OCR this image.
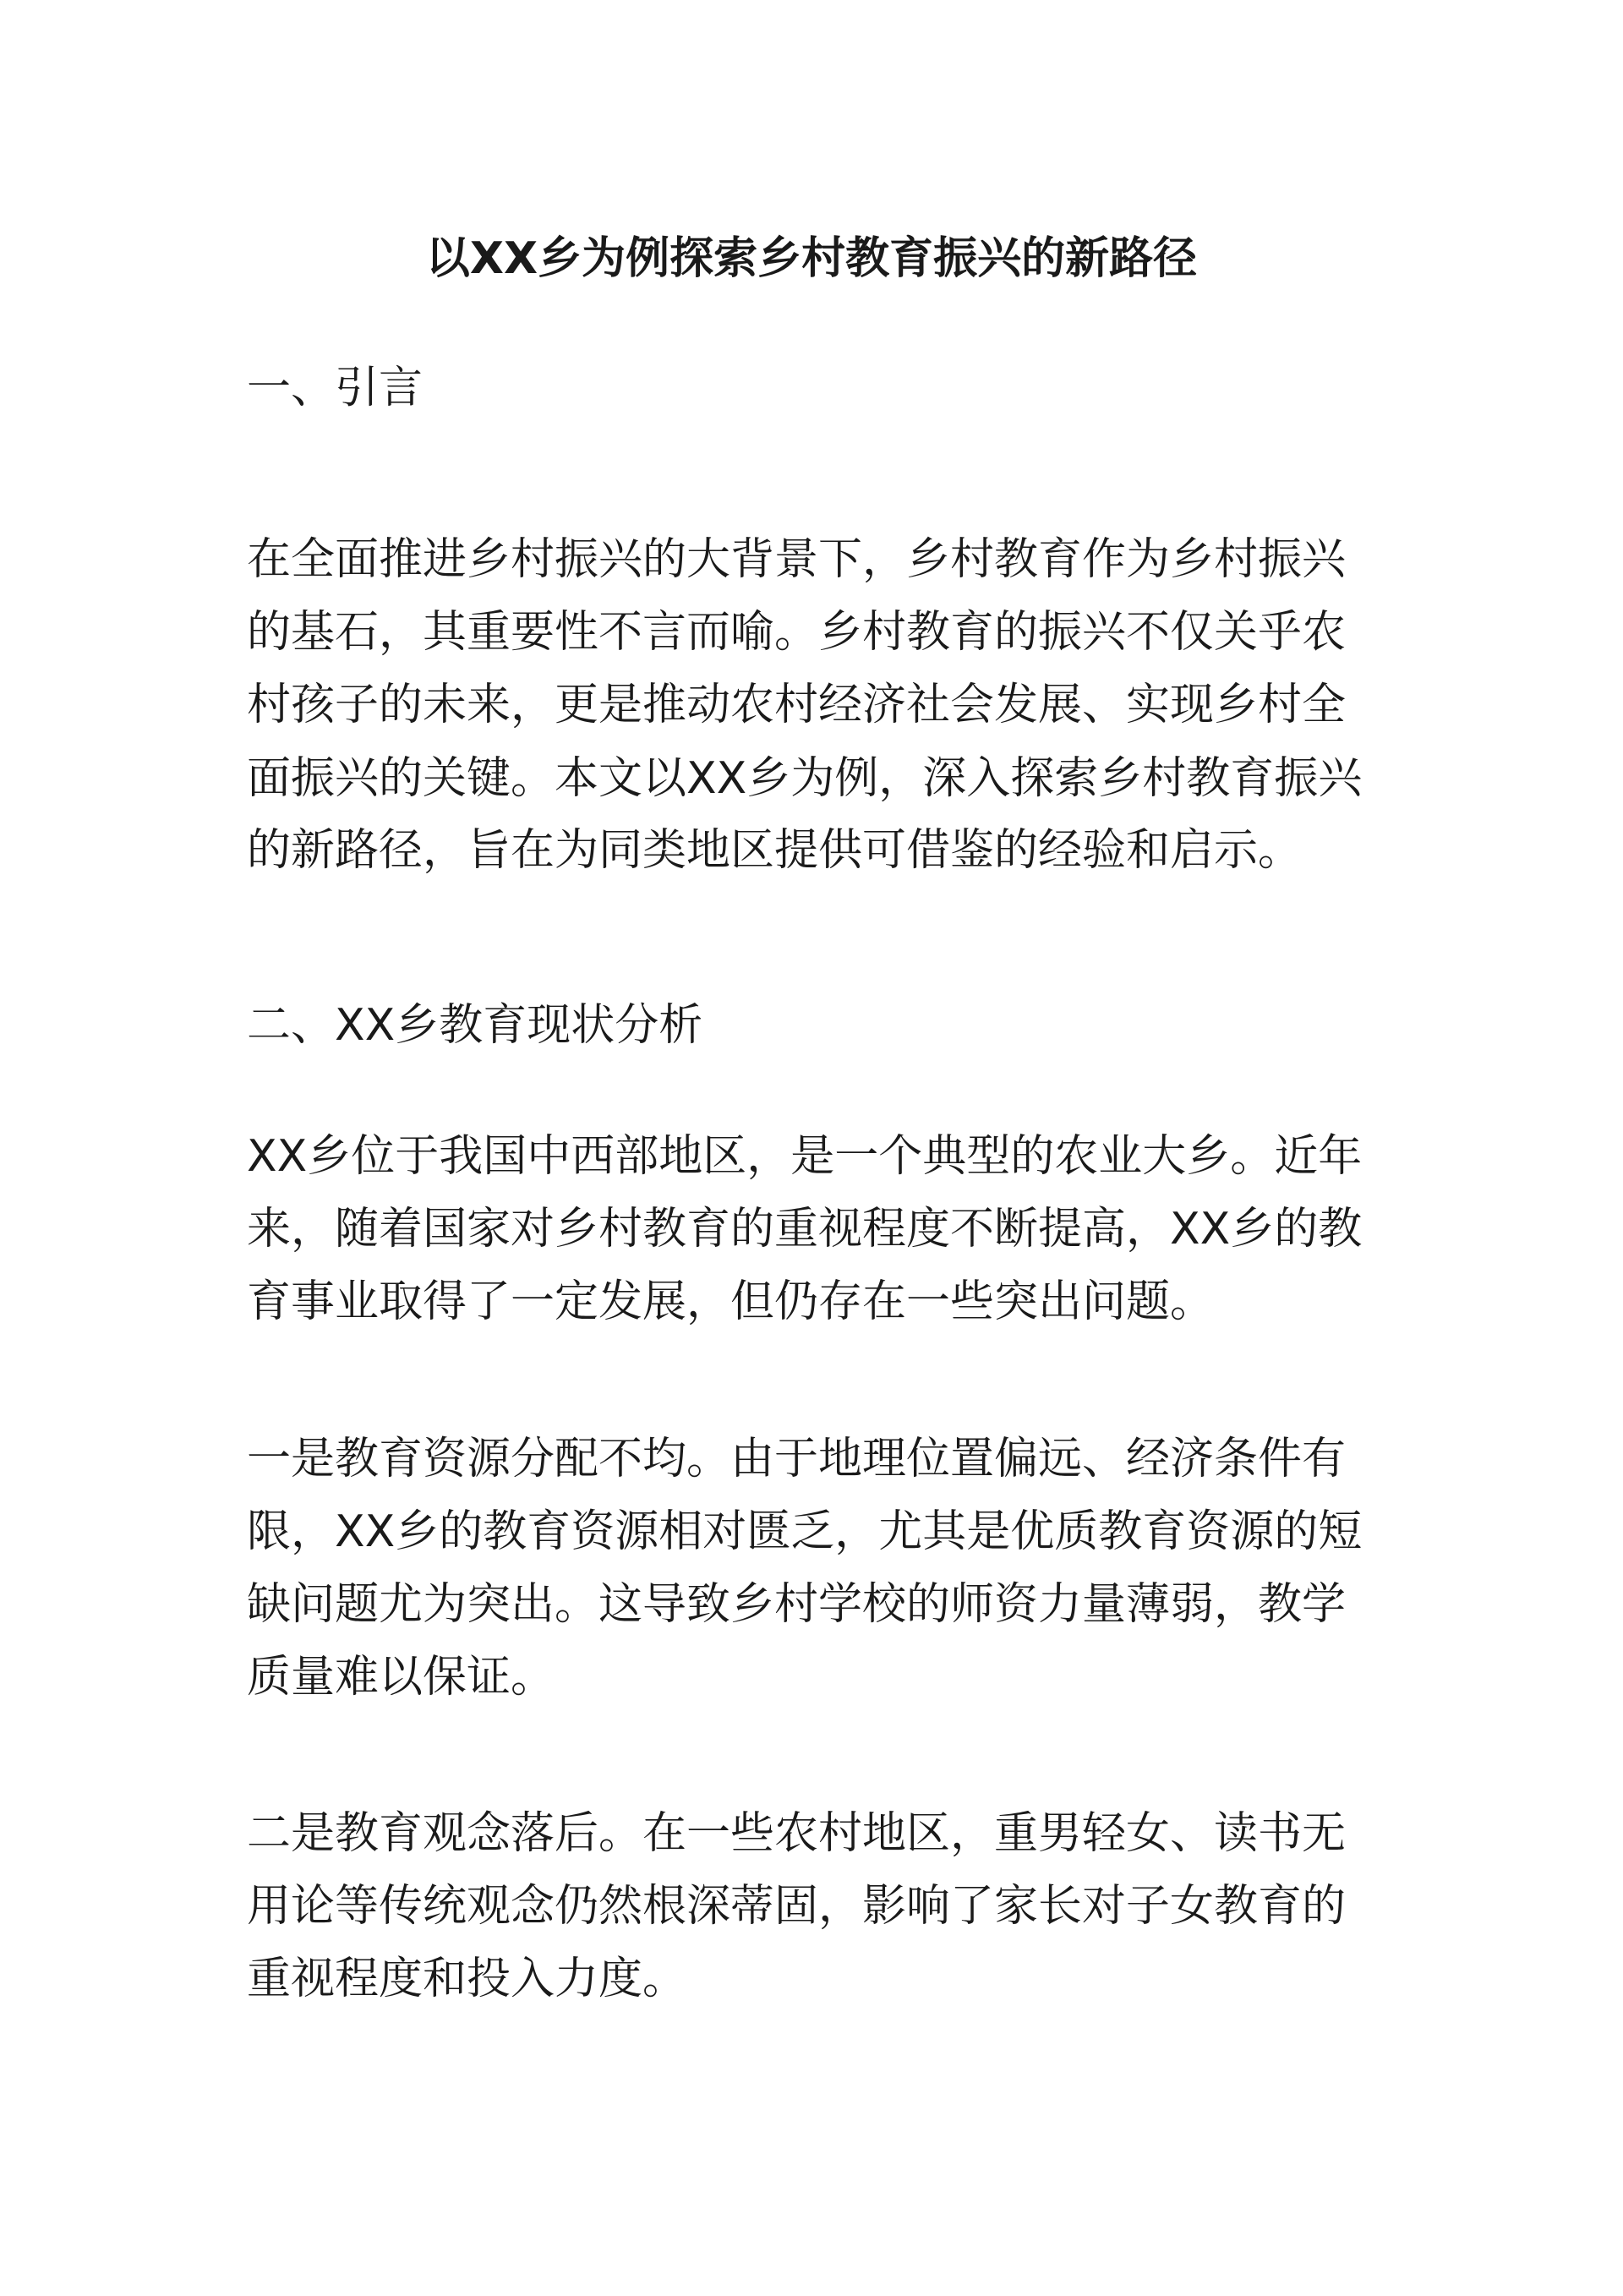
以XX乡为例探索乡村教育振兴的新路径
一、引言
在全面推进乡村振兴的大背景下，乡村教育作为乡村振兴
的基石，其重要性不言而喻。乡村教育的振兴不仅关乎农
村孩子的未来，更是推动农村经济社会发展、实现乡村全
面振兴的关键。本文以XX乡为例，深入探索乡村教育振兴
的新路径，旨在为同类地区提供可借鉴的经验和启示。
二、XX乡教育现状分析
XX乡位于我国中西部地区，是一个典型的农业大乡。近年
来，随着国家对乡村教育的重视程度不断提高，XX乡的教
育事业取得了一定发展，但仍存在一些突出问题。
一是教育资源分配不均。由于地理位置偏远、经济条件有
限，XX乡的教育资源相对匮乏，尤其是优质教育资源的短
缺问题尤为突出。这导致乡村学校的师资力量薄弱，教学
质量难以保证。
二是教育观念落后。在一些农村地区，重男轻女、读书无
用论等传统观念仍然根深蒂固，影响了家长对子女教育的
重视程度和投入力度。
